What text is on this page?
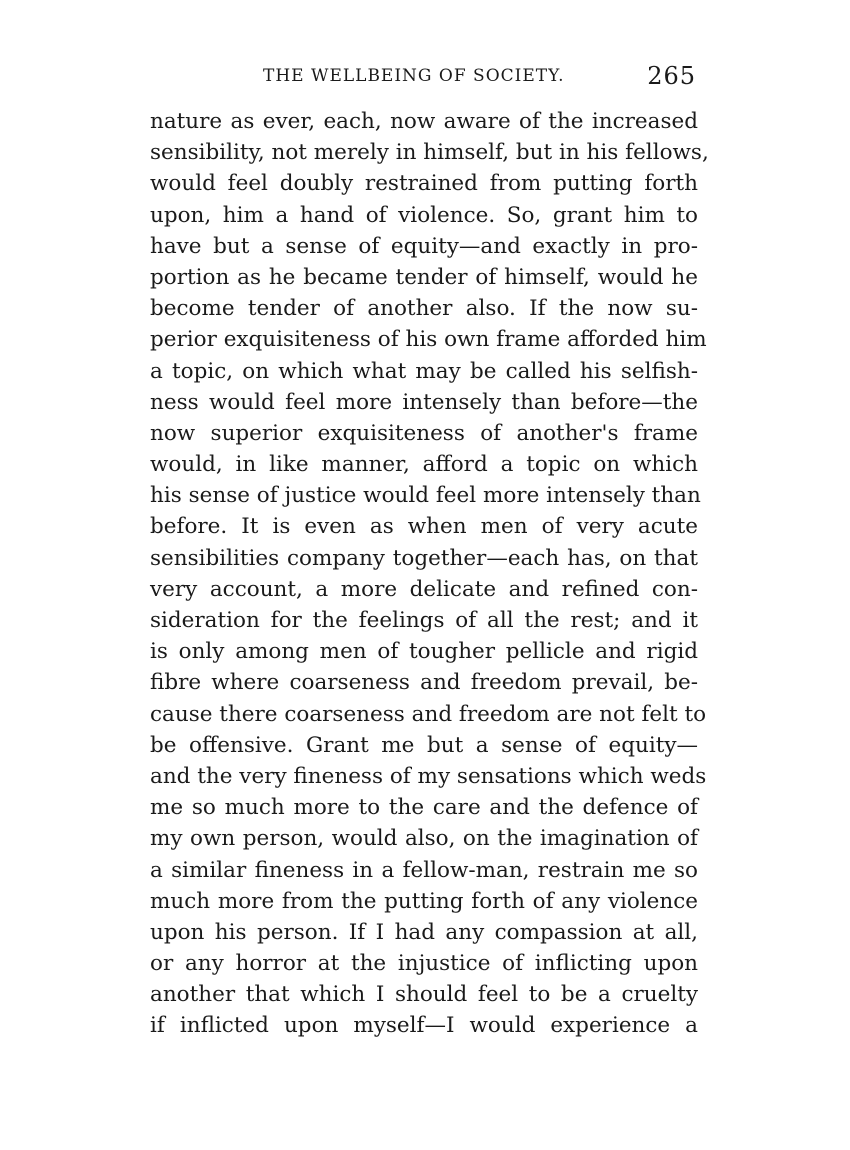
THE WELLBEING OF SOCIETY.	265
nature as ever, each, now aware of the increased
sensibility, not merely in himself, but in his fellows,
would feel doubly restrained from putting forth
upon, him a hand of violence. So, grant him to
have but a sense of equity—and exactly in pro-
portion as he became tender of himself, would he
become tender of another also. If the now su-
perior exquisiteness of his own frame afforded him
a topic, on which what may be called his selfish-
ness would feel more intensely than before—the
now superior exquisiteness of another's frame
would, in like manner, afford a topic on which
his sense of justice would feel more intensely than
before. It is even as when men of very acute
sensibilities company together—each has, on that
very account, a more delicate and refined con-
sideration for the feelings of all the rest; and it
is only among men of tougher pellicle and rigid
fibre where coarseness and freedom prevail, be-
cause there coarseness and freedom are not felt to
be offensive. Grant me but a sense of equity—
and the very fineness of my sensations which weds
me so much more to the care and the defence of
my own person, would also, on the imagination of
a similar fineness in a fellow-man, restrain me so
much more from the putting forth of any violence
upon his person. If I had any compassion at all,
or any horror at the injustice of inflicting upon
another that which I should feel to be a cruelty
if inflicted upon myself—I would experience a
